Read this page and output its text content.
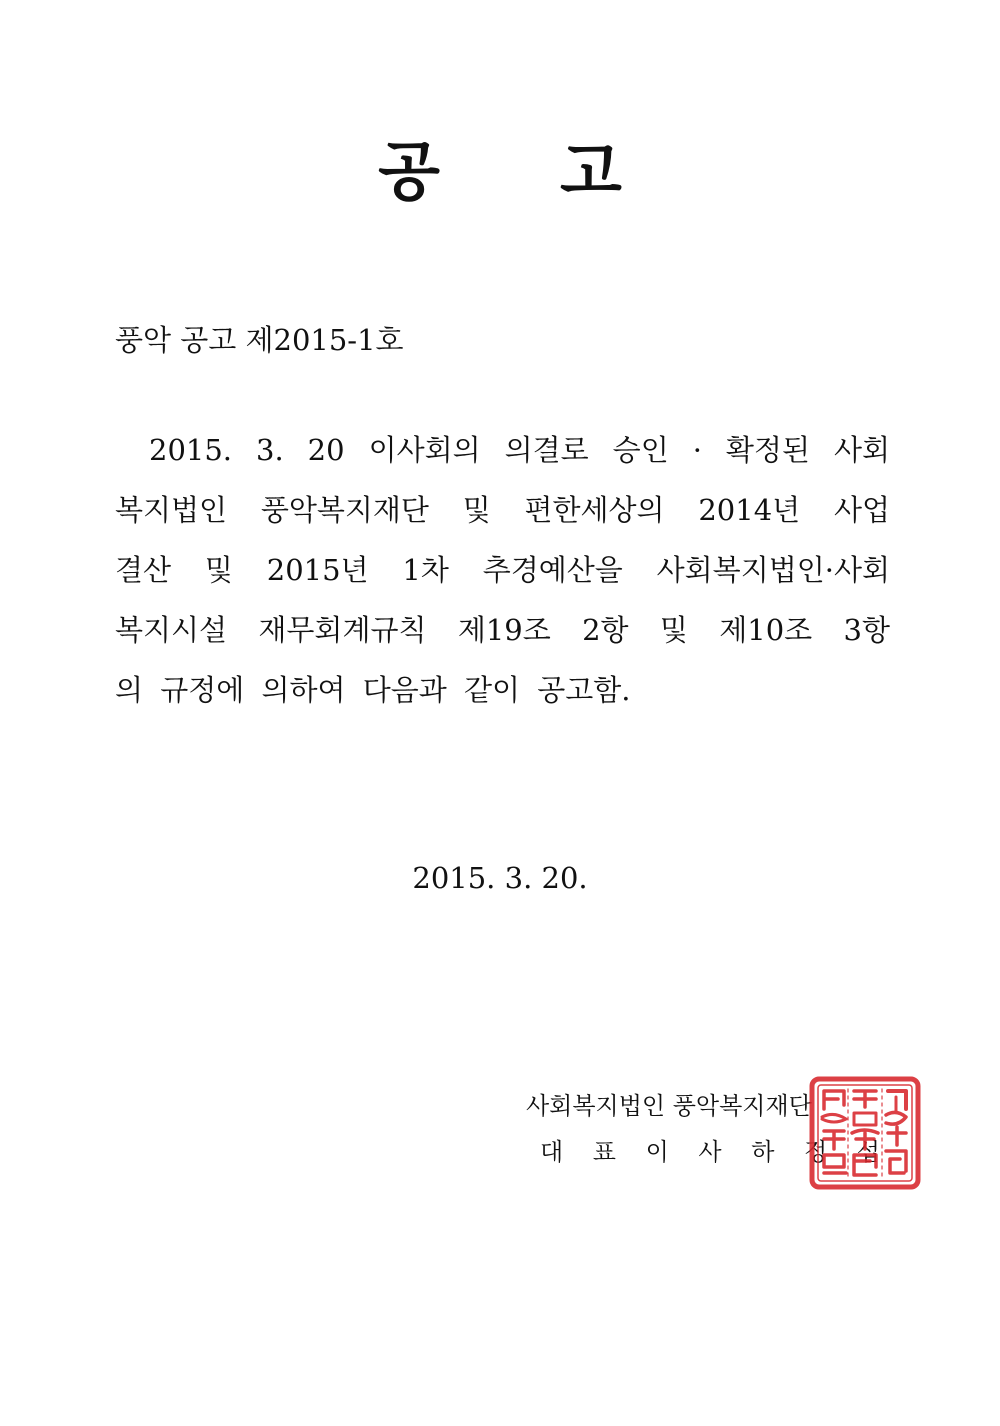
공 고
풍악 공고 제2015-1호
2015. 3. 20 이사회의 의결로 승인 · 확정된 사회
복지법인 풍악복지재단 및 편한세상의 2014년 사업
결산 및 2015년 1차 추경예산을 사회복지법인·사회
복지시설 재무회계규칙 제19조 2항 및 제10조 3항
의 규정에 의하여 다음과 같이 공고함.
2015. 3. 20.
사회복지법인 풍악복지재단
대 표 이 사 하 정 섭
